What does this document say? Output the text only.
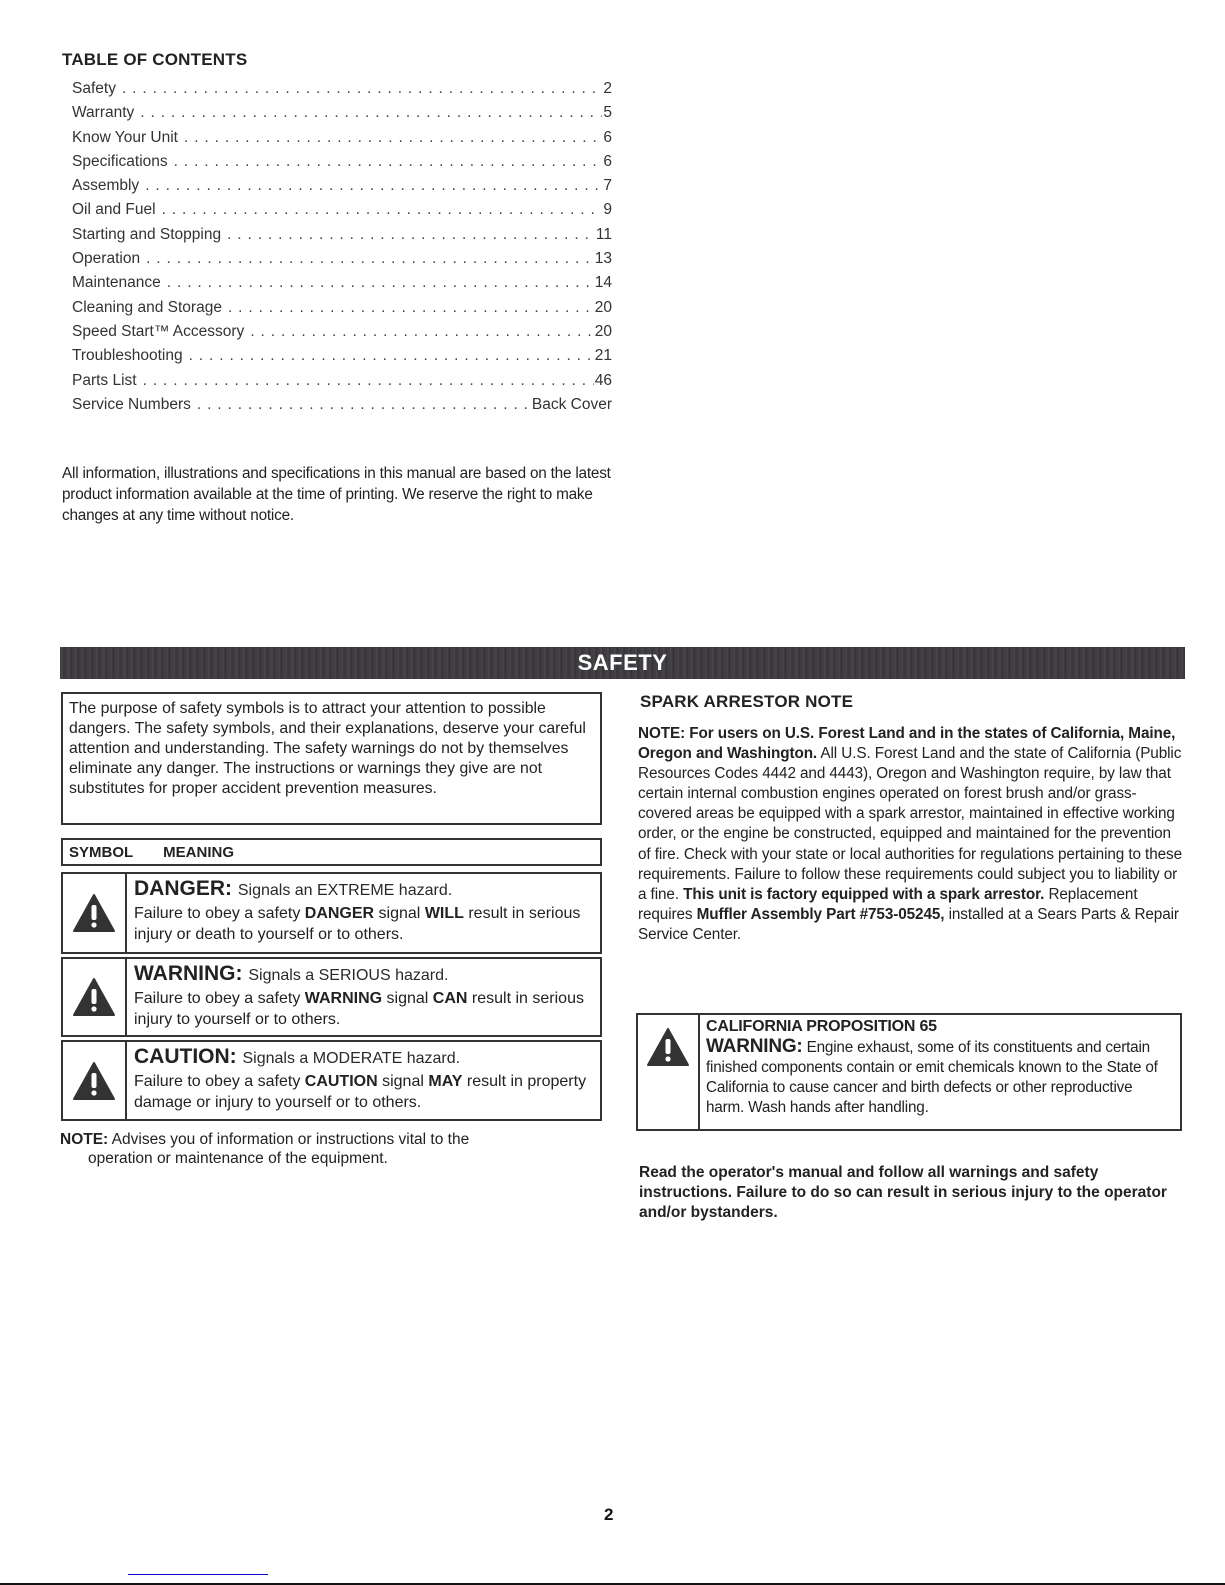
TABLE OF CONTENTS
Safety . . .	2
Warranty . . .	5
Know Your Unit . . .	6
Specifications . . .	6
Assembly . . .	7
Oil and Fuel . . .	9
Starting and Stopping . . .	11
Operation . . .	13
Maintenance . . .	14
Cleaning and Storage . . .	20
Speed Start™ Accessory . . .	20
Troubleshooting . . .	21
Parts List . . .	46
Service Numbers . . .	Back Cover
All information, illustrations and specifications in this manual are based on the latest product information available at the time of printing. We reserve the right to make changes at any time without notice.
SAFETY
The purpose of safety symbols is to attract your attention to possible dangers. The safety symbols, and their explanations, deserve your careful attention and understanding. The safety warnings do not by themselves eliminate any danger. The instructions or warnings they give are not substitutes for proper accident prevention measures.
SYMBOL MEANING
DANGER: Signals an EXTREME hazard.
Failure to obey a safety DANGER signal WILL result in serious injury or death to yourself or to others.
WARNING: Signals a SERIOUS hazard.
Failure to obey a safety WARNING signal CAN result in serious injury to yourself or to others.
CAUTION: Signals a MODERATE hazard.
Failure to obey a safety CAUTION signal MAY result in property damage or injury to yourself or to others.
NOTE: Advises you of information or instructions vital to the
operation or maintenance of the equipment.
SPARK ARRESTOR NOTE
NOTE: For users on U.S. Forest Land and in the states of California, Maine, Oregon and Washington. All U.S. Forest Land and the state of California (Public Resources Codes 4442 and 4443), Oregon and Washington require, by law that certain internal combustion engines operated on forest brush and/or grass-covered areas be equipped with a spark arrestor, maintained in effective working order, or the engine be constructed, equipped and maintained for the prevention of fire. Check with your state or local authorities for regulations pertaining to these requirements. Failure to follow these requirements could subject you to liability or a fine. This unit is factory equipped with a spark arrestor. Replacement requires Muffler Assembly Part #753-05245, installed at a Sears Parts & Repair Service Center.
CALIFORNIA PROPOSITION 65
WARNING: Engine exhaust, some of its constituents and certain finished components contain or emit chemicals known to the State of California to cause cancer and birth defects or other reproductive harm. Wash hands after handling.
Read the operator's manual and follow all warnings and safety instructions. Failure to do so can result in serious injury to the operator and/or bystanders.
2
